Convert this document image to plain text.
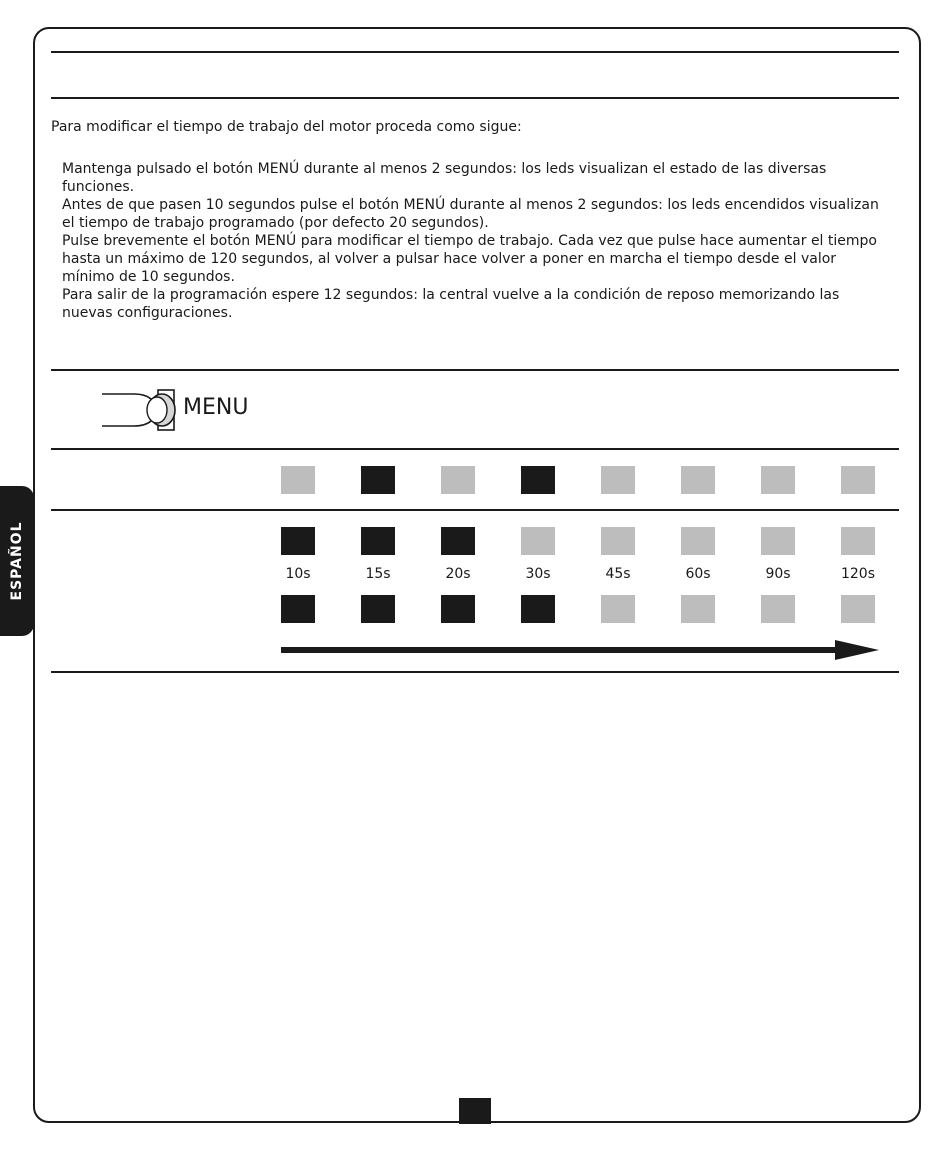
ESPAÑOL

Para modificar el tiempo de trabajo del motor proceda como sigue:

Mantenga pulsado el botón MENÚ durante al menos 2 segundos: los leds visualizan el estado de las diversas funciones.
Antes de que pasen 10 segundos pulse el botón MENÚ durante al menos 2 segundos: los leds encendidos visualizan el tiempo de trabajo programado (por defecto 20 segundos).
Pulse brevemente el botón MENÚ para modificar el tiempo de trabajo. Cada vez que pulse hace aumentar el tiempo hasta un máximo de 120 segundos, al volver a pulsar hace volver a poner en marcha el tiempo desde el valor mínimo de 10 segundos.
Para salir de la programación espere 12 segundos: la central vuelve a la condición de reposo memorizando las nuevas configuraciones.
MENU
10s	15s	20s	30s	45s	60s	90s	120s
